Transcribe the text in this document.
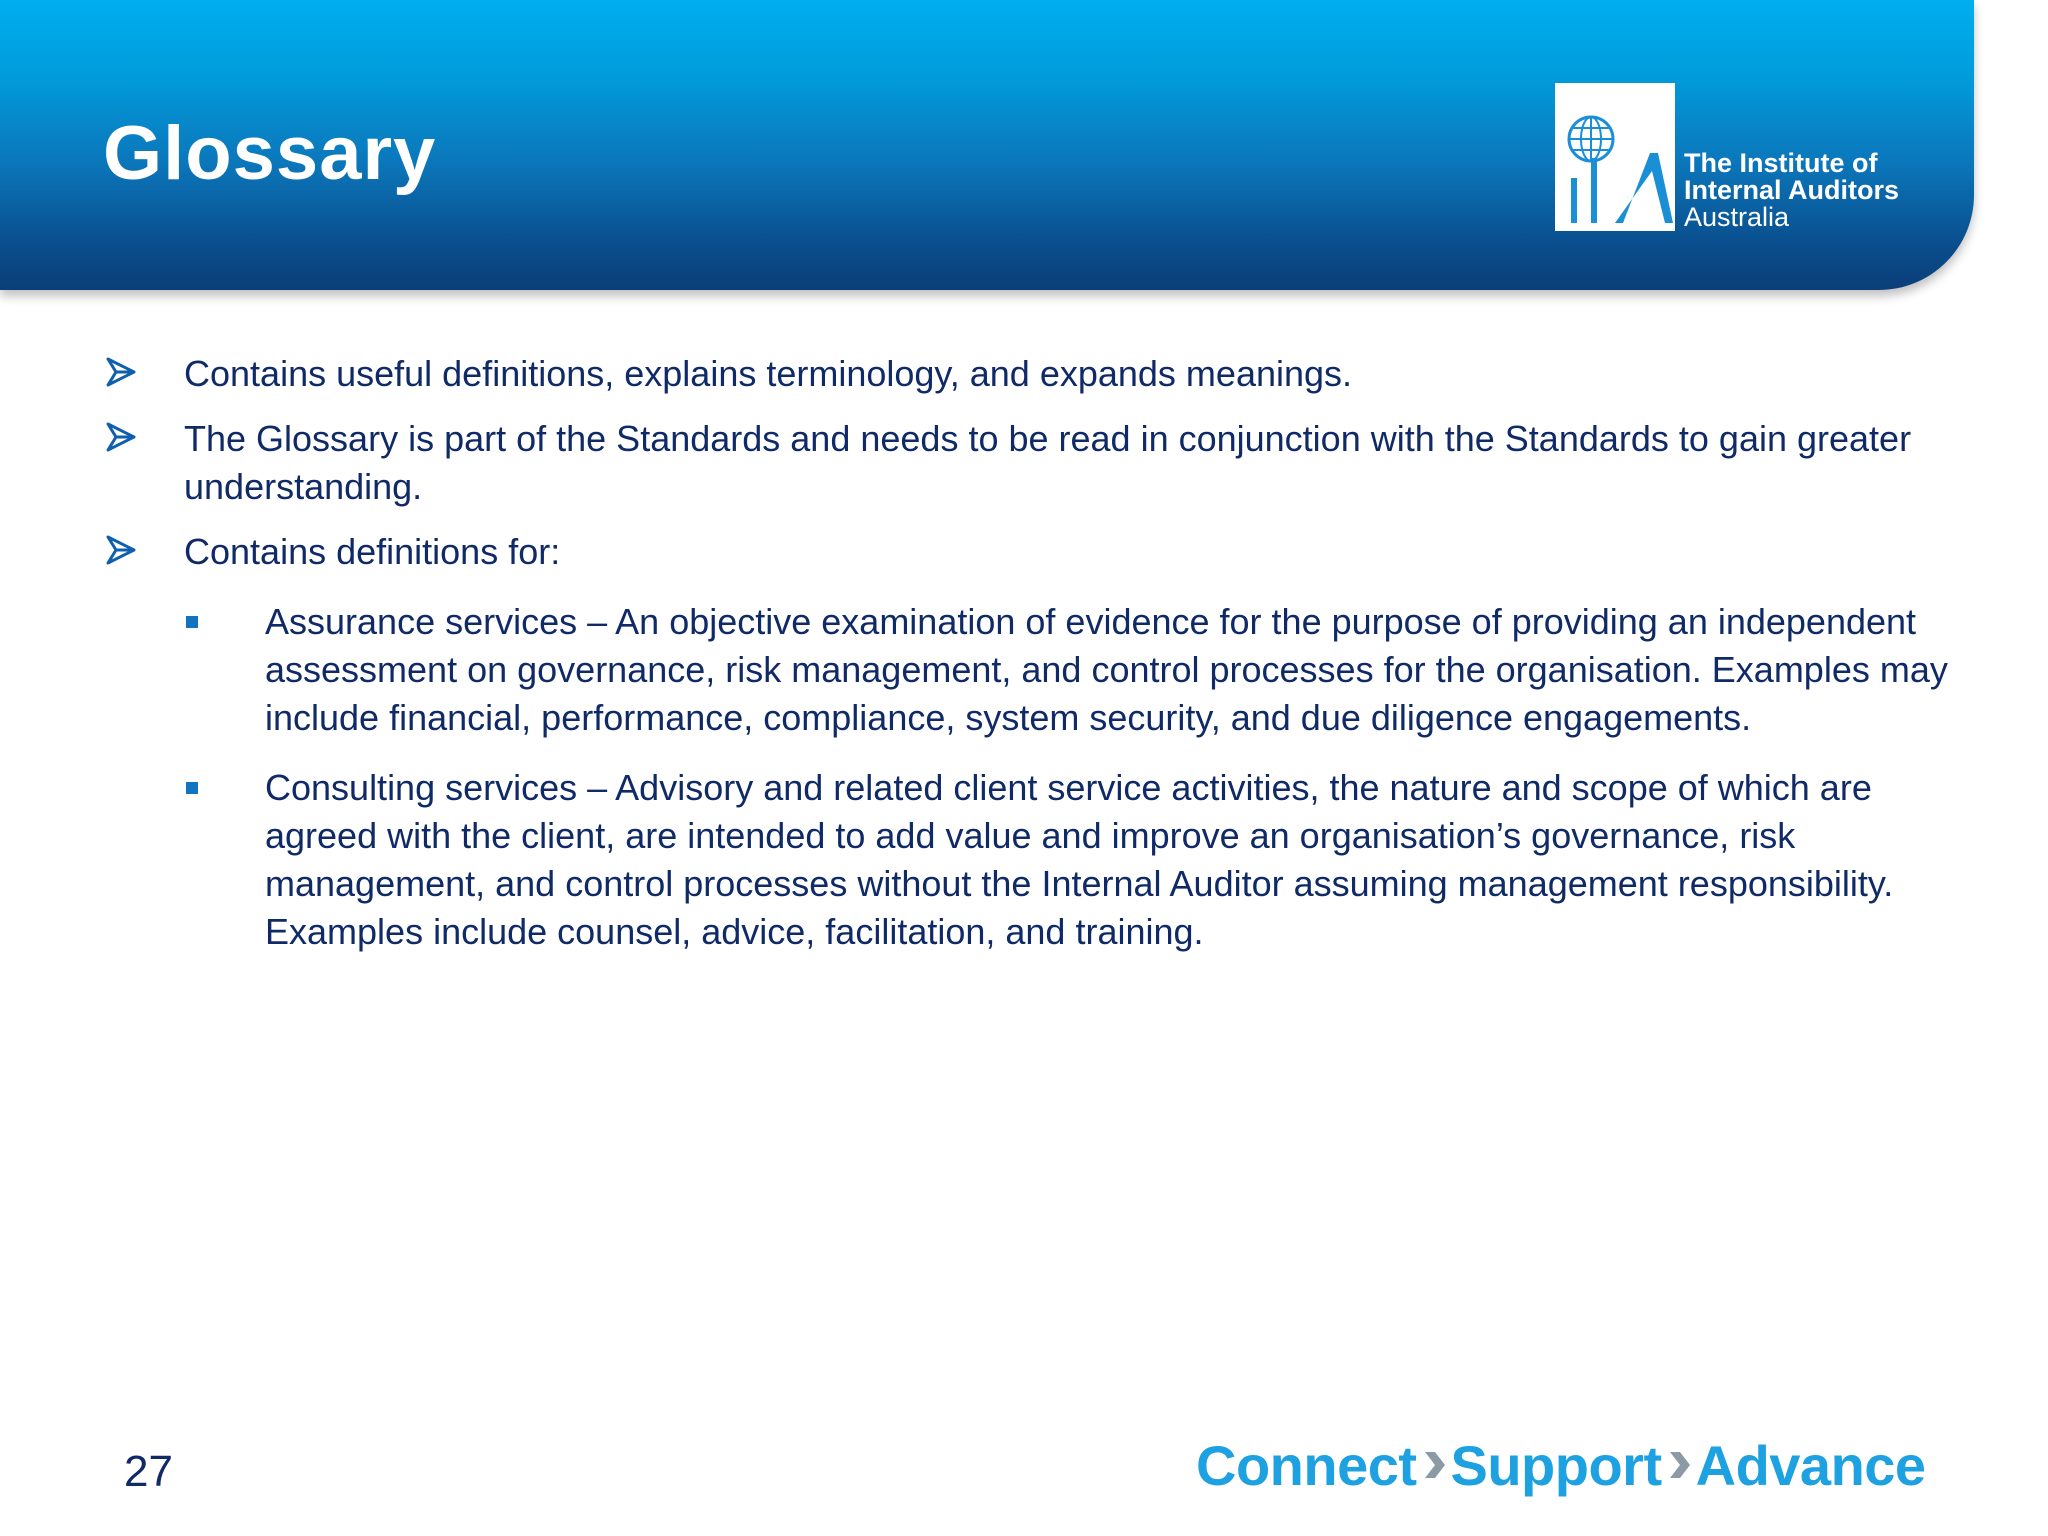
Glossary	The Institute of
Internal Auditors
Australia
Contains useful definitions, explains terminology, and expands meanings.
The Glossary is part of the Standards and needs to be read in conjunction with the Standards to gain greater understanding.
Contains definitions for:
Assurance services – An objective examination of evidence for the purpose of providing an independent assessment on governance, risk management, and control processes for the organisation. Examples may include financial, performance, compliance, system security, and due diligence engagements.
Consulting services – Advisory and related client service activities, the nature and scope of which are agreed with the client, are intended to add value and improve an organisation’s governance, risk management, and control processes without the Internal Auditor assuming management responsibility. Examples include counsel, advice, facilitation, and training.
27	Connect Support Advance
